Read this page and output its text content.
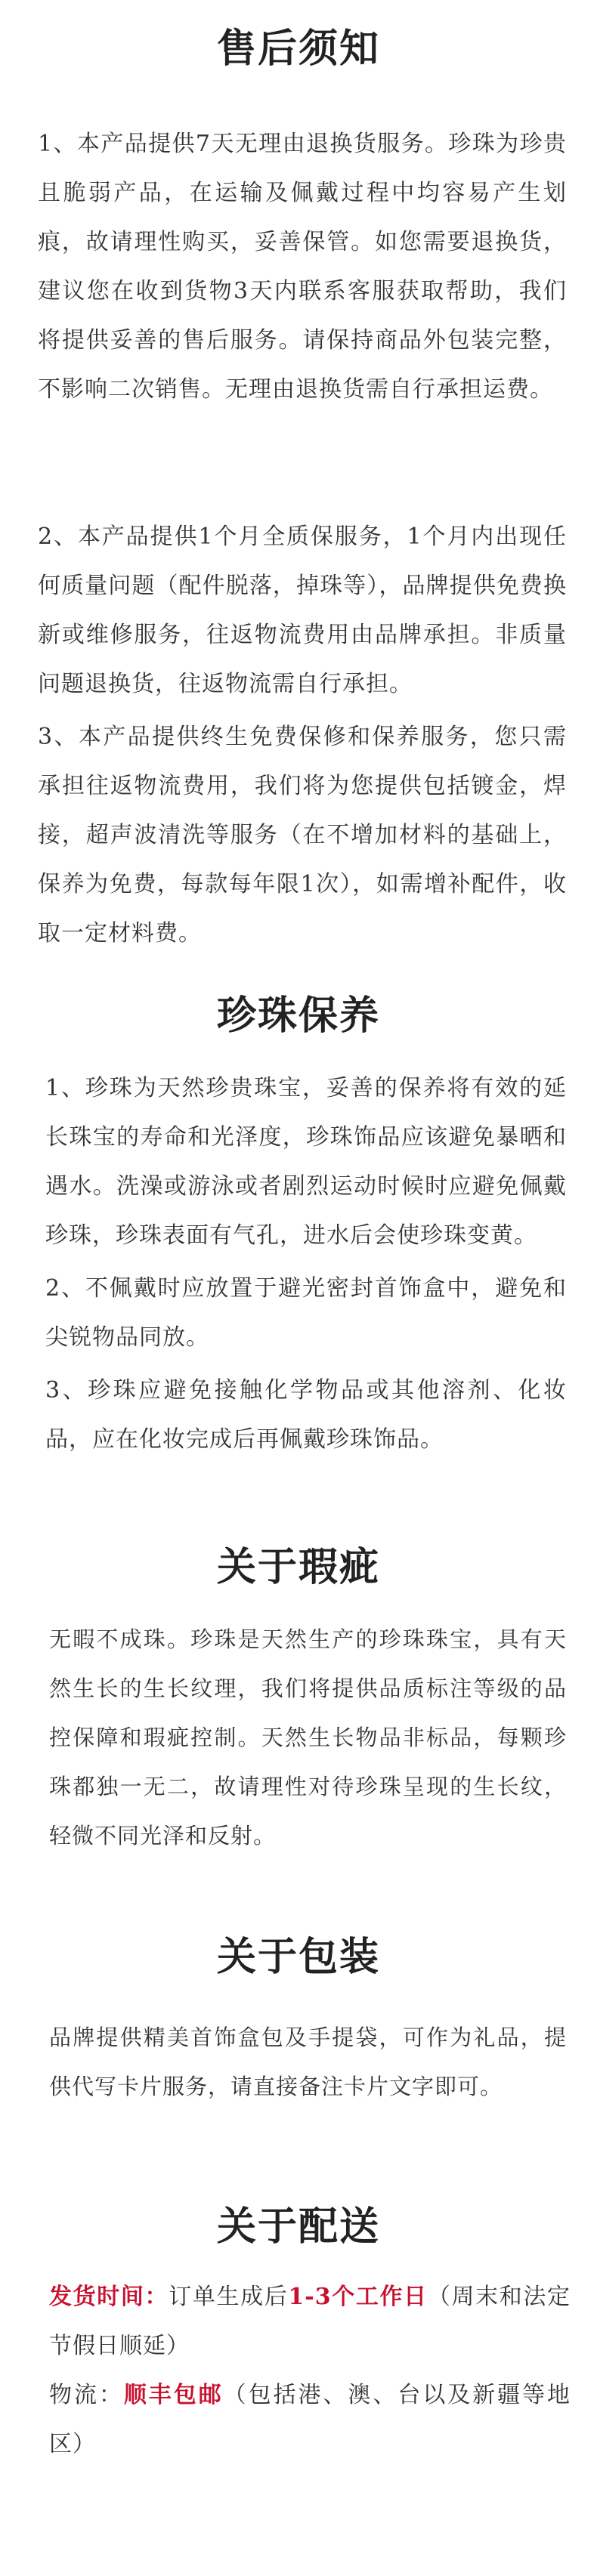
售后须知
1、本产品提供7天无理由退换货服务。珍珠为珍贵且脆弱产品，在运输及佩戴过程中均容易产生划痕，故请理性购买，妥善保管。如您需要退换货，建议您在收到货物3天内联系客服获取帮助，我们将提供妥善的售后服务。请保持商品外包装完整，不影响二次销售。无理由退换货需自行承担运费。
2、本产品提供1个月全质保服务，1个月内出现任何质量问题（配件脱落，掉珠等），品牌提供免费换新或维修服务，往返物流费用由品牌承担。非质量问题退换货，往返物流需自行承担。
3、本产品提供终生免费保修和保养服务，您只需承担往返物流费用，我们将为您提供包括镀金，焊接，超声波清洗等服务（在不增加材料的基础上，保养为免费，每款每年限1次），如需增补配件，收取一定材料费。
珍珠保养
1、珍珠为天然珍贵珠宝，妥善的保养将有效的延长珠宝的寿命和光泽度，珍珠饰品应该避免暴晒和遇水。洗澡或游泳或者剧烈运动时候时应避免佩戴珍珠，珍珠表面有气孔，进水后会使珍珠变黄。
2、不佩戴时应放置于避光密封首饰盒中，避免和尖锐物品同放。
3、珍珠应避免接触化学物品或其他溶剂、化妆品，应在化妆完成后再佩戴珍珠饰品。
关于瑕疵
无暇不成珠。珍珠是天然生产的珍珠珠宝，具有天然生长的生长纹理，我们将提供品质标注等级的品控保障和瑕疵控制。天然生长物品非标品，每颗珍珠都独一无二，故请理性对待珍珠呈现的生长纹，轻微不同光泽和反射。
关于包装
品牌提供精美首饰盒包及手提袋，可作为礼品，提供代写卡片服务，请直接备注卡片文字即可。
关于配送
发货时间：订单生成后1-3个工作日（周末和法定节假日顺延）
物流：顺丰包邮（包括港、澳、台以及新疆等地区）
